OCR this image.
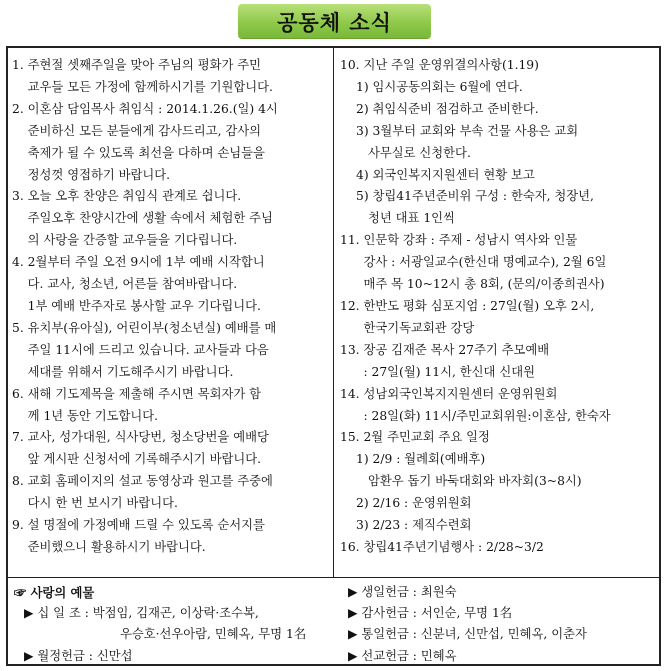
공동체 소식
1. 주현절 셋째주일을 맞아 주님의 평화가 주민
교우들 모든 가정에 함께하시기를 기원합니다.
2. 이혼삼 담임목사 취임식 : 2014.1.26.(일) 4시
준비하신 모든 분들에게 감사드리고, 감사의
축제가 될 수 있도록 최선을 다하며 손님들을
정성껏 영접하기 바랍니다.
3. 오늘 오후 찬양은 취임식 관계로 쉽니다.
주일오후 찬양시간에 생활 속에서 체험한 주님
의 사랑을 간증할 교우들을 기다립니다.
4. 2월부터 주일 오전 9시에 1부 예배 시작합니
다. 교사, 청소년, 어른들 참여바랍니다.
1부 예배 반주자로 봉사할 교우 기다립니다.
5. 유치부(유아실), 어린이부(청소년실) 예배를 매
주일 11시에 드리고 있습니다. 교사들과 다음
세대를 위해서 기도해주시기 바랍니다.
6. 새해 기도제목을 제출해 주시면 목회자가 함
께 1년 동안 기도합니다.
7. 교사, 성가대원, 식사당번, 청소당번을 예배당
앞 게시판 신청서에 기록해주시기 바랍니다.
8. 교회 홈페이지의 설교 동영상과 원고를 주중에
다시 한 번 보시기 바랍니다.
9. 설 명절에 가정예배 드릴 수 있도록 순서지를
준비했으니 활용하시기 바랍니다.
10. 지난 주일 운영위결의사항(1.19)
1) 임시공동의회는 6월에 연다.
2) 취임식준비 점검하고 준비한다.
3) 3월부터 교회와 부속 건물 사용은 교회
사무실로 신청한다.
4) 외국인복지지원센터 현황 보고
5) 창립41주년준비위 구성 : 한숙자, 청장년,
청년 대표 1인씩
11. 인문학 강좌 : 주제 - 성남시 역사와 인물
강사 : 서광일교수(한신대 명예교수), 2월 6일
매주 목 10~12시 총 8회, (문의/이종희권사)
12. 한반도 평화 심포지엄 : 27일(월) 오후 2시,
한국기독교회관 강당
13. 장공 김재준 목사 27주기 추모예배
: 27일(월) 11시, 한신대 신대원
14. 성남외국인복지지원센터 운영위원회
: 28일(화) 11시/주민교회위원:이혼삼, 한숙자
15. 2월 주민교회 주요 일정
1) 2/9 : 월례회(예배후)
암환우 돕기 바둑대회와 바자회(3~8시)
2) 2/16 : 운영위원회
3) 2/23 : 제직수련회
16. 창립41주년기념행사 : 2/28~3/2
☞ 사랑의 예물
▶ 십 일 조 : 박점임, 김재곤, 이상락·조수복,
우승호·선우아람, 민혜옥, 무명 1名
▶ 월정헌금 : 신만섭
▶ 생일헌금 : 최원숙
▶ 감사헌금 : 서인순, 무명 1名
▶ 통일헌금 : 신분녀, 신만섭, 민혜옥, 이춘자
▶ 선교헌금 : 민혜옥
